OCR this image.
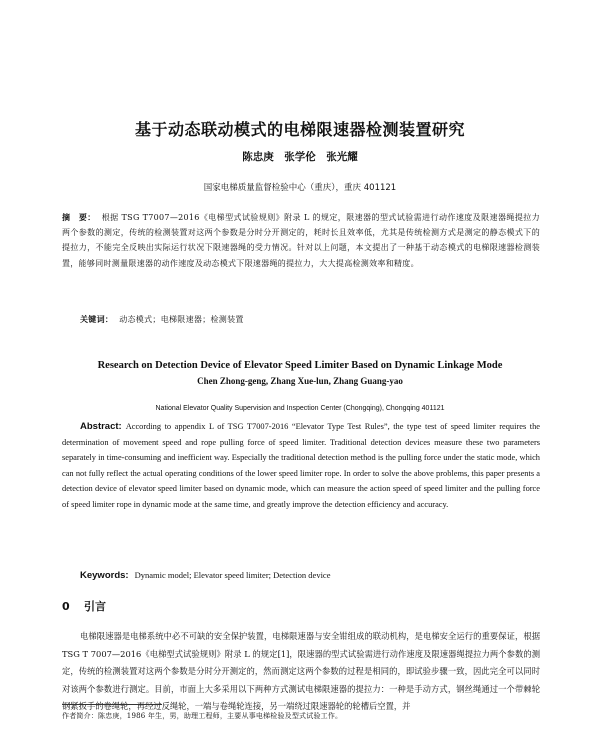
基于动态联动模式的电梯限速器检测装置研究
陈忠庚　张学伦　张光耀
国家电梯质量监督检验中心（重庆），重庆 401121
摘　要： 根据 TSG T7007—2016《电梯型式试验规则》附录 L 的规定，限速器的型式试验需进行动作速度及限速器绳提拉力两个参数的测定，传统的检测装置对这两个参数是分时分开测定的，耗时长且效率低，尤其是传统检测方式是测定的静态模式下的提拉力，不能完全反映出实际运行状况下限速器绳的受力情况。针对以上问题，本文提出了一种基于动态模式的电梯限速器检测装置，能够同时测量限速器的动作速度及动态模式下限速器绳的提拉力，大大提高检测效率和精度。
关键词： 动态模式；电梯限速器；检测装置
Research on Detection Device of Elevator Speed Limiter Based on Dynamic Linkage Mode
Chen Zhong-geng, Zhang Xue-lun, Zhang Guang-yao
National Elevator Quality Supervision and Inspection Center (Chongqing), Chongqing 401121
Abstract: According to appendix L of TSG T7007-2016 “Elevator Type Test Rules”, the type test of speed limiter requires the determination of movement speed and rope pulling force of speed limiter. Traditional detection devices measure these two parameters separately in time-consuming and inefficient way. Especially the traditional detection method is the pulling force under the static mode, which can not fully reflect the actual operating conditions of the lower speed limiter rope. In order to solve the above problems, this paper presents a detection device of elevator speed limiter based on dynamic mode, which can measure the action speed of speed limiter and the pulling force of speed limiter rope in dynamic mode at the same time, and greatly improve the detection efficiency and accuracy.
Keywords: Dynamic model; Elevator speed limiter; Detection device
0 引言
电梯限速器是电梯系统中必不可缺的安全保护装置，电梯限速器与安全钳组成的联动机构，是电梯安全运行的重要保证，根据 TSG T 7007—2016《电梯型式试验规则》附录 L 的规定[1]，限速器的型式试验需进行动作速度及限速器绳提拉力两个参数的测定，传统的检测装置对这两个参数是分时分开测定的，然而测定这两个参数的过程是相同的，即试验步骤一致，因此完全可以同时对该两个参数进行测定。目前，市面上大多采用以下两种方式测试电梯限速器的提拉力：一种是手动方式，钢丝绳通过一个带棘轮钢紧扳手的卷绳轮，再经过反绳轮，一端与卷绳轮连接，另一端绕过限速器轮的轮槽后空置，并
作者简介：陈忠庚，1986 年生，男，助理工程师，主要从事电梯检验及型式试验工作。
